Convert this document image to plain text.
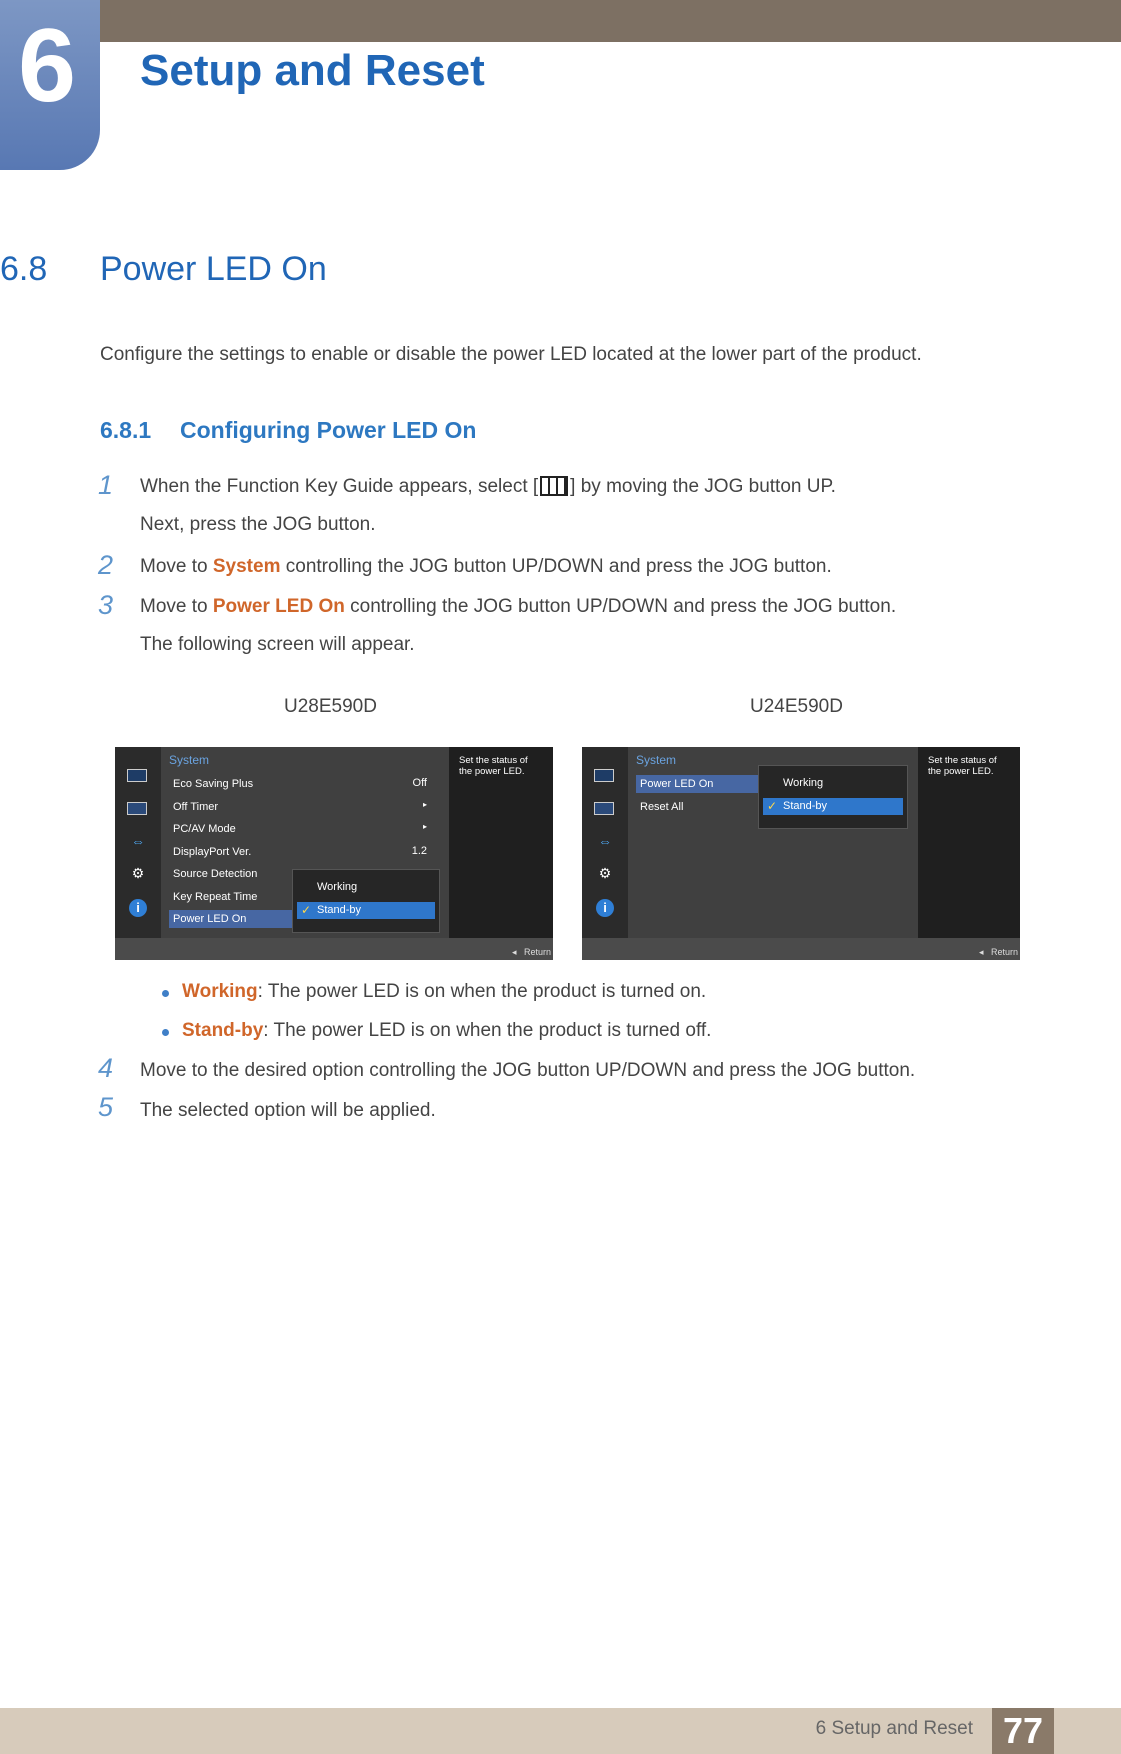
6	Setup and Reset
6.8 Power LED On
Configure the settings to enable or disable the power LED located at the lower part of the product.
6.8.1 Configuring Power LED On
1 When the Function Key Guide appears, select [ ] by moving the JOG button UP.
Next, press the JOG button.
2 Move to System controlling the JOG button UP/DOWN and press the JOG button.
3 Move to Power LED On controlling the JOG button UP/DOWN and press the JOG button.
The following screen will appear.
U28E590D	U24E590D
⇔
⚙
i
System
Eco Saving Plus
Off Timer
PC/AV Mode
DisplayPort Ver.
Source Detection
Key Repeat Time
Power LED On
Off
▸
▸
1.2
Working
✓ Stand-by
Set the status of the power LED.
◂   Return
⇔
⚙
i
System
Power LED On
Reset All
Working
✓ Stand-by
Set the status of the power LED.
◂   Return
Working: The power LED is on when the product is turned on.
Stand-by: The power LED is on when the product is turned off.
4 Move to the desired option controlling the JOG button UP/DOWN and press the JOG button.
5 The selected option will be applied.
6 Setup and Reset 77
